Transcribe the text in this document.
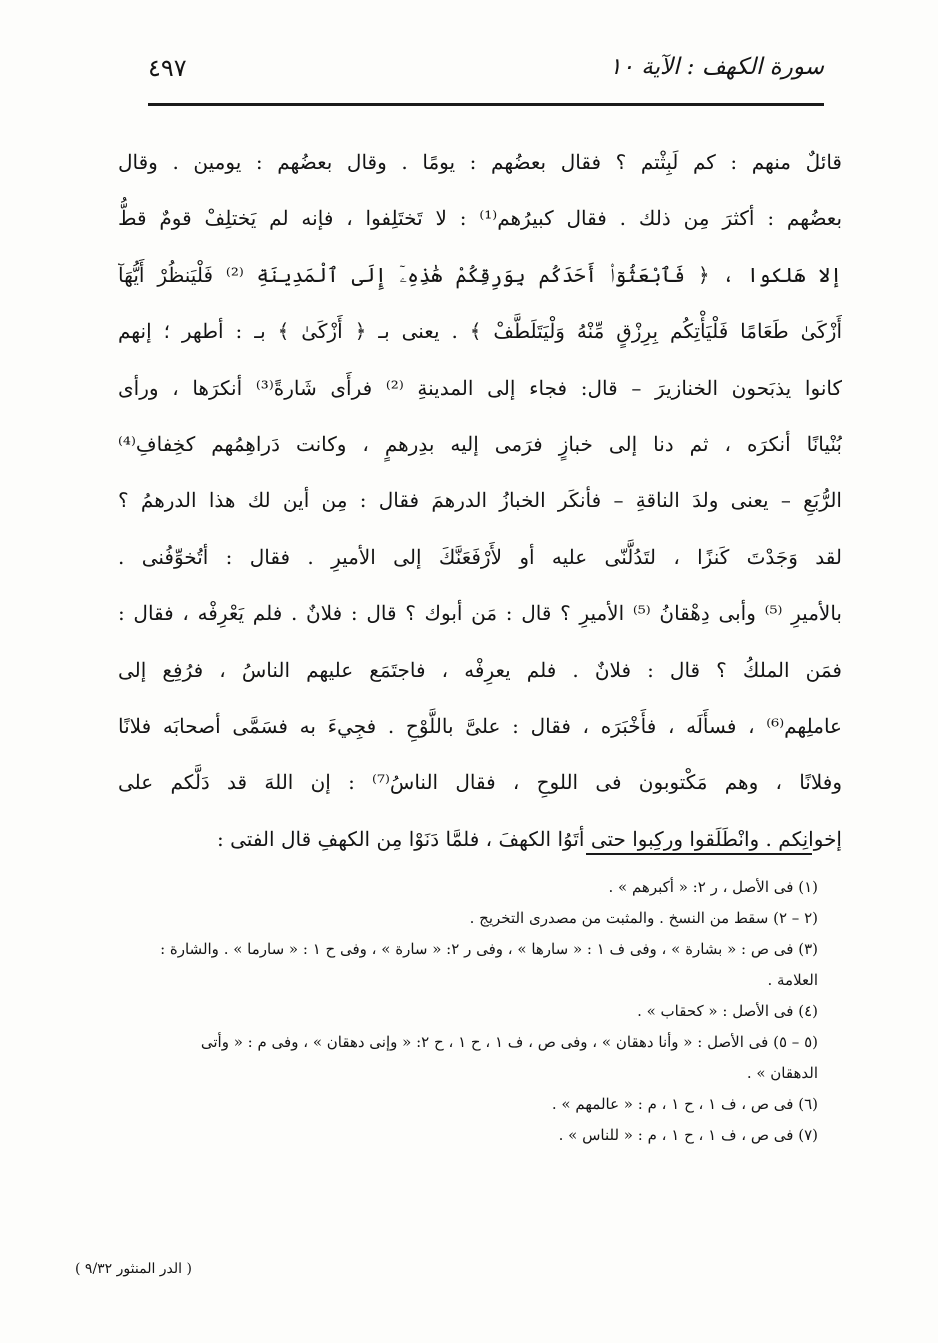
سورة الكهف : الآية ١٠
٤٩٧
قائلٌ منهم : كم لَبِثْتم ؟ فقال بعضُهم : يومًا . وقال بعضُهم : يومين . وقال
بعضُهم : أكثرَ مِن ذلك . فقال كبيرُهم⁽¹⁾ : لا تَختَلِفوا ، فإنه لم يَختلِفْ قومٌ قطُّ
إلا هَلكوا ، ﴿ فَٱبْعَثُوٓا۟ أَحَدَكُم بِوَرِقِكُمْ هَٰذِهِۦٓ إِلَى ٱلْمَدِينَةِ ⁽²⁾ فَلْيَنظُرْ أَيُّهَآ
أَزْكَىٰ طَعَامًا فَلْيَأْتِكُم بِرِزْقٍ مِّنْهُ وَلْيَتَلَطَّفْ ﴾ . يعنى بـ ﴿ أَزْكَىٰ ﴾ بـ : أطهر ؛ إنهم
كانوا يذبَحون الخنازيرَ – قال: فجاء إلى المدينةِ ⁽²⁾ فرأَى شَارةً⁽³⁾ أنكرَها ، ورأى
بُنْيانًا أنكرَه ، ثم دنا إلى خبازٍ فرَمى إليه بدِرهمٍ ، وكانت دَراهِمُهم كخِفافِ⁽⁴⁾
الرُّبَعِ – يعنى ولدَ الناقةِ – فأنكَر الخبازُ الدرهمَ فقال : مِن أين لك هذا الدرهمُ ؟
لقد وَجَدْتَ كَنزًا ، لتَدُلَّنّى عليه أو لأَرْفَعَنَّكَ إلى الأميرِ . فقال : أتُخوِّفُنى .
بالأميرِ ⁽⁵⁾ وأبى دِهْقانُ ⁽⁵⁾ الأميرِ ؟ قال : مَن أبوك ؟ قال : فلانٌ . فلم يَعْرِفْه ، فقال :
فمَن الملكُ ؟ قال : فلانٌ . فلم يعرِفْه ، فاجتَمَع عليهم الناسُ ، فرُفِع إلى
عاملِهم⁽⁶⁾ ، فسأَلَه ، فأَخْبَرَه ، فقال : علىَّ باللَّوْحِ . فجِيءَ به فسَمَّى أصحابَه فلانًا
وفلانًا ، وهم مَكْتوبون فى اللوحِ ، فقال الناسُ⁽⁷⁾ : إن اللهَ قد دَلَّكم على
إخوانِكم . وانْطَلَقوا وركِبوا حتى أتَوُا الكهفَ ، فلمَّا دَنَوْا مِن الكهفِ قال الفتى :
(١) فى الأصل ، ر ٢: « أكبرهم » .
(٢ – ٢) سقط من النسخ . والمثبت من مصدرى التخريج .
(٣) فى ص : « بشارة » ، وفى ف ١ : « سارها » ، وفى ر ٢: « سارة » ، وفى ح ١ : « سارما » . والشارة :
العلامة .
(٤) فى الأصل : « كحقاب » .
(٥ – ٥) فى الأصل : « وأنا دهقان » ، وفى ص ، ف ١ ، ح ١ ، ح ٢: « وإنى دهقان » ، وفى م : « وأتى
الدهقان » .
(٦) فى ص ، ف ١ ، ح ١ ، م : « عالمهم » .
(٧) فى ص ، ف ١ ، ح ١ ، م : « للناس » .
( الدر المنثور ٩/٣٢ )
